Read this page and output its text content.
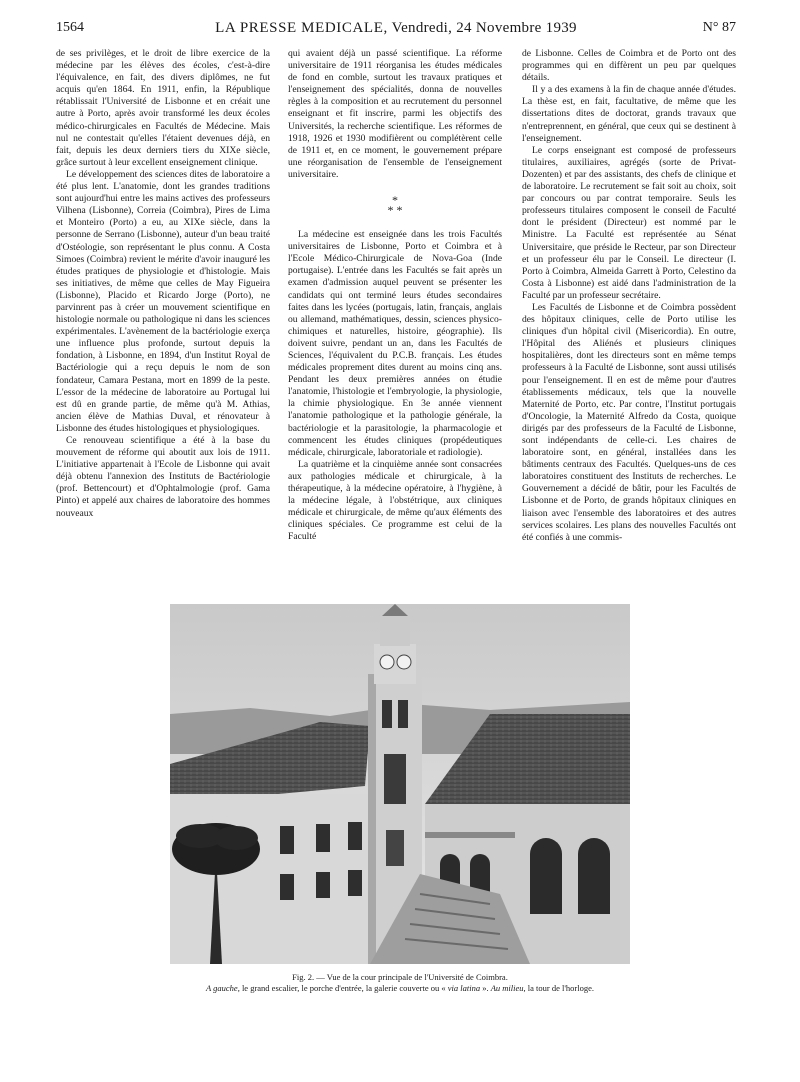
1564	LA PRESSE MEDICALE, Vendredi, 24 Novembre 1939	N° 87

de ses privilèges, et le droit de libre exercice de la médecine par les élèves des écoles, c'est-à-dire l'équivalence, en fait, des divers diplômes, ne fut acquis qu'en 1864. En 1911, enfin, la République rétablissait l'Université de Lisbonne et en créait une autre à Porto, après avoir transformé les deux écoles médico-chirurgicales en Facultés de Médecine. Mais nul ne contestait qu'elles l'étaient devenues déjà, en fait, depuis les deux derniers tiers du XIXe siècle, grâce surtout à leur excellent enseignement clinique.

Le développement des sciences dites de laboratoire a été plus lent. L'anatomie, dont les grandes traditions sont aujourd'hui entre les mains actives des professeurs Vilhena (Lisbonne), Correia (Coimbra), Pires de Lima et Monteiro (Porto) a eu, au XIXe siècle, dans la personne de Serrano (Lisbonne), auteur d'un beau traité d'Ostéologie, son représentant le plus connu. A Costa Simoes (Coimbra) revient le mérite d'avoir inauguré les études pratiques de physiologie et d'histologie. Mais ses initiatives, de même que celles de May Figueira (Lisbonne), Placido et Ricardo Jorge (Porto), ne parvinrent pas à créer un mouvement scientifique en histologie normale ou pathologique ni dans les sciences expérimentales. L'avènement de la bactériologie exerça une influence plus profonde, surtout depuis la fondation, à Lisbonne, en 1894, d'un Institut Royal de Bactériologie qui a reçu depuis le nom de son fondateur, Camara Pestana, mort en 1899 de la peste. L'essor de la médecine de laboratoire au Portugal lui est dû en grande partie, de même qu'à M. Athias, ancien élève de Mathias Duval, et rénovateur à Lisbonne des études histologiques et physiologiques.

Ce renouveau scientifique a été à la base du mouvement de réforme qui aboutit aux lois de 1911. L'initiative appartenait à l'Ecole de Lisbonne qui avait déjà obtenu l'annexion des Instituts de Bactériologie (prof. Bettencourt) et d'Ophtalmologie (prof. Gama Pinto) et appelé aux chaires de laboratoire des hommes nouveaux

qui avaient déjà un passé scientifique. La réforme universitaire de 1911 réorganisa les études médicales de fond en comble, surtout les travaux pratiques et l'enseignement des spécialités, donna de nouvelles règles à la composition et au recrutement du personnel enseignant et fit inscrire, parmi les objectifs des Universités, la recherche scientifique. Les réformes de 1918, 1926 et 1930 modifièrent ou complétèrent celle de 1911 et, en ce moment, le gouvernement prépare une réorganisation de l'ensemble de l'enseignement universitaire.

*
* *

La médecine est enseignée dans les trois Facultés universitaires de Lisbonne, Porto et Coimbra et à l'Ecole Médico-Chirurgicale de Nova-Goa (Inde portugaise). L'entrée dans les Facultés se fait après un examen d'admission auquel peuvent se présenter les candidats qui ont terminé leurs études secondaires faites dans les lycées (portugais, latin, français, anglais ou allemand, mathématiques, dessin, sciences physico-chimiques et naturelles, histoire, géographie). Ils doivent suivre, pendant un an, dans les Facultés de Sciences, l'équivalent du P.C.B. français. Les études médicales proprement dites durent au moins cinq ans. Pendant les deux premières années on étudie l'anatomie, l'histologie et l'embryologie, la physiologie, la chimie physiologique. En 3e année viennent l'anatomie pathologique et la pathologie générale, la bactériologie et la parasitologie, la pharmacologie et commencent les études cliniques (propédeutiques médicale, chirurgicale, laboratoriale et radiologie).

La quatrième et la cinquième année sont consacrées aux pathologies médicale et chirurgicale, à la thérapeutique, à la médecine opératoire, à l'hygiène, à la médecine légale, à l'obstétrique, aux cliniques médicale et chirurgicale, de même qu'aux éléments des cliniques spéciales. Ce programme est celui de la Faculté

de Lisbonne. Celles de Coimbra et de Porto ont des programmes qui en diffèrent un peu par quelques détails.

Il y a des examens à la fin de chaque année d'études. La thèse est, en fait, facultative, de même que les dissertations dites de doctorat, grands travaux que n'entreprennent, en général, que ceux qui se destinent à l'enseignement.

Le corps enseignant est composé de professeurs titulaires, auxiliaires, agrégés (sorte de Privat-Dozenten) et par des assistants, des chefs de clinique et de laboratoire. Le recrutement se fait soit au choix, soit par concours ou par contrat temporaire. Seuls les professeurs titulaires composent le conseil de Faculté dont le président (Directeur) est nommé par le Ministre. La Faculté est représentée au Sénat Universitaire, que préside le Recteur, par son Directeur et un professeur élu par le Conseil. Le directeur (I. Porto à Coimbra, Almeida Garrett à Porto, Celestino da Costa à Lisbonne) est aidé dans l'administration de la Faculté par un professeur secrétaire.

Les Facultés de Lisbonne et de Coimbra possèdent des hôpitaux cliniques, celle de Porto utilise les cliniques d'un hôpital civil (Misericordia). En outre, l'Hôpital des Aliénés et plusieurs cliniques hospitalières, dont les directeurs sont en même temps professeurs à la Faculté de Lisbonne, sont aussi utilisés pour l'enseignement. Il en est de même pour d'autres établissements médicaux, tels que la nouvelle Maternité de Porto, etc. Par contre, l'Institut portugais d'Oncologie, la Maternité Alfredo da Costa, quoique dirigés par des professeurs de la Faculté de Lisbonne, sont indépendants de celle-ci. Les chaires de laboratoire sont, en général, installées dans les bâtiments centraux des Facultés. Quelques-uns de ces laboratoires constituent des Instituts de recherches. Le Gouvernement a décidé de bâtir, pour les Facultés de Lisbonne et de Porto, de grands hôpitaux cliniques en liaison avec l'ensemble des laboratoires et des autres services scolaires. Les plans des nouvelles Facultés ont été confiés à une commis-

Fig. 2. — Vue de la cour principale de l'Université de Coimbra.
A gauche, le grand escalier, le porche d'entrée, la galerie couverte ou « via latina ». Au milieu, la tour de l'horloge.
